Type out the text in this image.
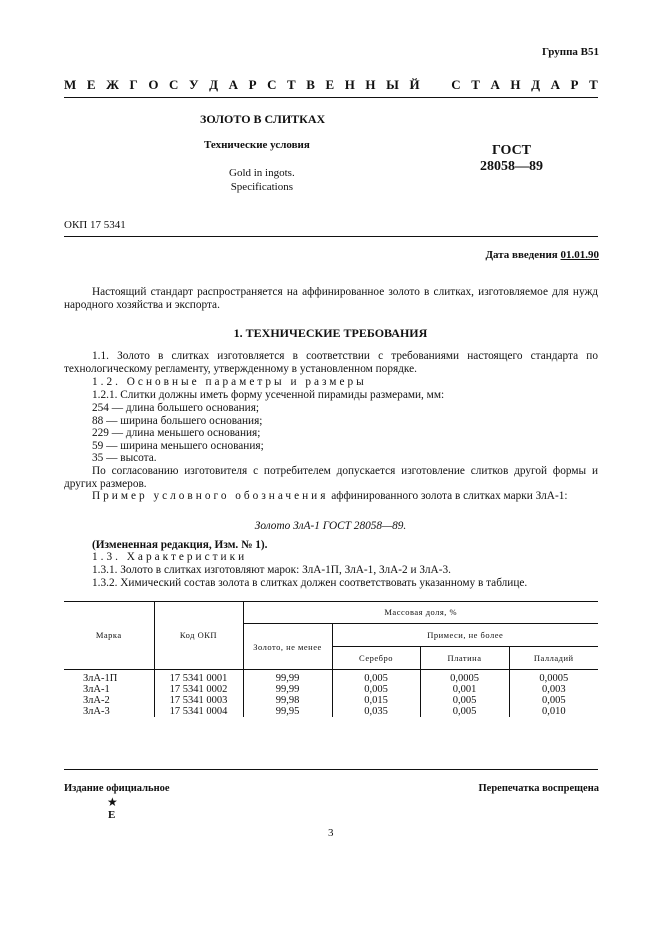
Группа В51
М Е Ж Г О С У Д А Р С Т В Е Н Н Ы Й С Т А Н Д А Р Т
ЗОЛОТО В СЛИТКАХ
Технические условия
Gold in ingots.
Specifications
ГОСТ
28058—89
ОКП 17 5341
Дата введения 01.01.90
Настоящий стандарт распространяется на аффинированное золото в слитках, изготовляемое для нужд народного хозяйства и экспорта.
1. ТЕХНИЧЕСКИЕ ТРЕБОВАНИЯ
1.1. Золото в слитках изготовляется в соответствии с требованиями настоящего стандарта по технологическому регламенту, утвержденному в установленном порядке.
1.2. Основные параметры и размеры
1.2.1. Слитки должны иметь форму усеченной пирамиды размерами, мм:
254 — длина большего основания;
88 — ширина большего основания;
229 — длина меньшего основания;
59 — ширина меньшего основания;
35 — высота.
По согласованию изготовителя с потребителем допускается изготовление слитков другой формы и других размеров.
Пример условного обозначения аффинированного золота в слитках марки ЗлА-1:
Золото ЗлА-1 ГОСТ 28058—89.
(Измененная редакция, Изм. № 1).
1.3. Характеристики
1.3.1. Золото в слитках изготовляют марок: ЗлА-1П, ЗлА-1, ЗлА-2 и ЗлА-3.
1.3.2. Химический состав золота в слитках должен соответствовать указанному в таблице.
Марка	Код ОКП	Массовая доля, %			
		Золото, не менее	Примеси, не более		
			Серебро	Платина	Палладий
ЗлА-1П	17 5341 0001	99,99	0,005	0,0005	0,0005
ЗлА-1	17 5341 0002	99,99	0,005	0,001	0,003
ЗлА-2	17 5341 0003	99,98	0,015	0,005	0,005
ЗлА-3	17 5341 0004	99,95	0,035	0,005	0,010
Издание официальное	Перепечатка воспрещена
★
Е
3
